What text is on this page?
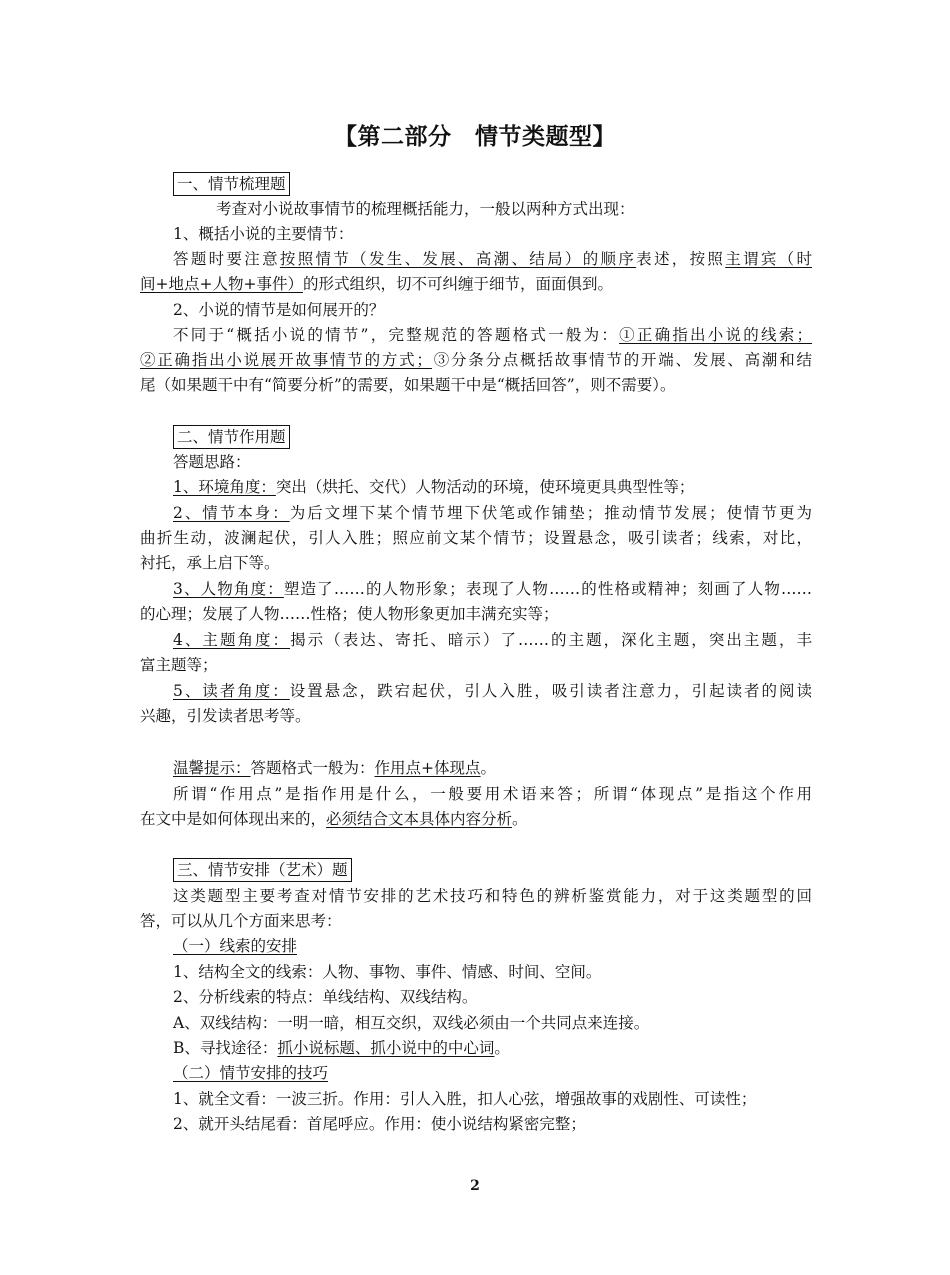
【第二部分　情节类题型】
一、情节梳理题
考查对小说故事情节的梳理概括能力，一般以两种方式出现：
1、概括小说的主要情节：
答题时要注意按照情节（发生、发展、高潮、结局）的顺序表述，按照主谓宾（时
间+地点+人物+事件）的形式组织，切不可纠缠于细节，面面俱到。
2、小说的情节是如何展开的？
不同于“概括小说的情节”，完整规范的答题格式一般为：①正确指出小说的线索；
②正确指出小说展开故事情节的方式；③分条分点概括故事情节的开端、发展、高潮和结
尾（如果题干中有“简要分析”的需要，如果题干中是“概括回答”，则不需要）。
二、情节作用题
答题思路：
1、环境角度：突出（烘托、交代）人物活动的环境，使环境更具典型性等；
2、情节本身：为后文埋下某个情节埋下伏笔或作铺垫；推动情节发展；使情节更为
曲折生动，波澜起伏，引人入胜；照应前文某个情节；设置悬念，吸引读者；线索，对比，
衬托，承上启下等。
3、人物角度：塑造了……的人物形象；表现了人物……的性格或精神；刻画了人物……
的心理；发展了人物……性格；使人物形象更加丰满充实等；
4、主题角度：揭示（表达、寄托、暗示）了……的主题，深化主题，突出主题，丰
富主题等；
5、读者角度：设置悬念，跌宕起伏，引人入胜，吸引读者注意力，引起读者的阅读
兴趣，引发读者思考等。
温馨提示：答题格式一般为：作用点+体现点。
所谓“作用点”是指作用是什么，一般要用术语来答；所谓“体现点”是指这个作用
在文中是如何体现出来的，必须结合文本具体内容分析。
三、情节安排（艺术）题
这类题型主要考查对情节安排的艺术技巧和特色的辨析鉴赏能力，对于这类题型的回
答，可以从几个方面来思考：
（一）线索的安排
1、结构全文的线索：人物、事物、事件、情感、时间、空间。
2、分析线索的特点：单线结构、双线结构。
A、双线结构：一明一暗，相互交织，双线必须由一个共同点来连接。
B、寻找途径：抓小说标题、抓小说中的中心词。
（二）情节安排的技巧
1、就全文看：一波三折。作用：引人入胜，扣人心弦，增强故事的戏剧性、可读性；
2、就开头结尾看：首尾呼应。作用：使小说结构紧密完整；
2
